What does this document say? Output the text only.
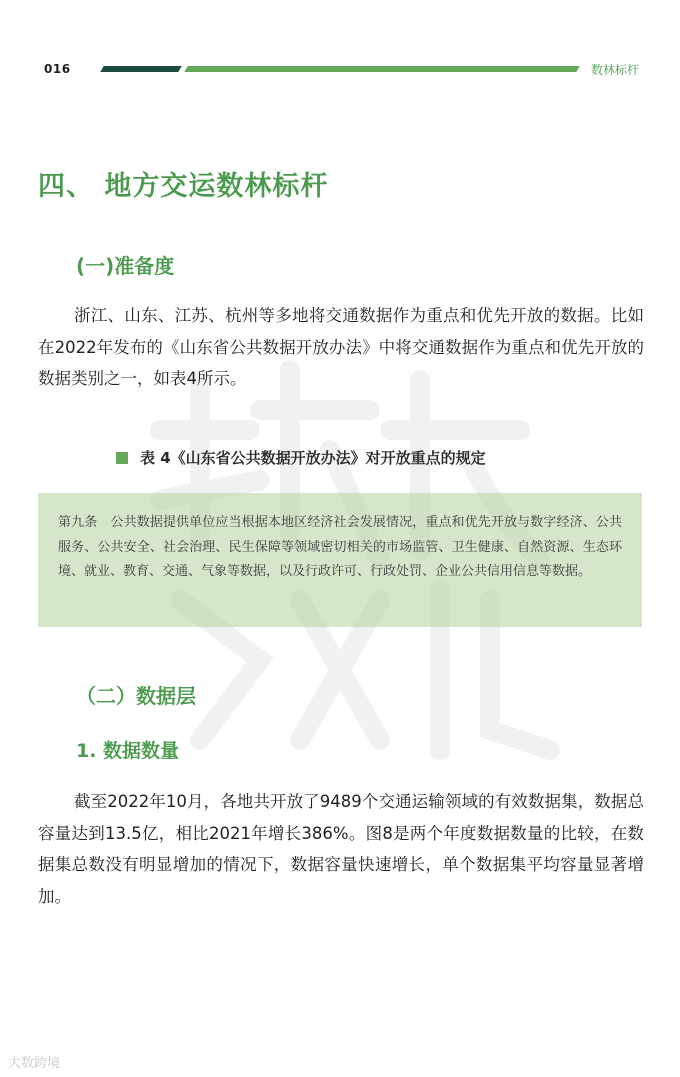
016	数林标杆
四、 地方交运数林标杆
(一)准备度

浙江、山东、江苏、杭州等多地将交通数据作为重点和优先开放的数据。比如在2022年发布的《山东省公共数据开放办法》中将交通数据作为重点和优先开放的数据类别之一，如表4所示。

表 4《山东省公共数据开放办法》对开放重点的规定

第九条　公共数据提供单位应当根据本地区经济社会发展情况，重点和优先开放与数字经济、公共服务、公共安全、社会治理、民生保障等领域密切相关的市场监管、卫生健康、自然资源、生态环境、就业、教育、交通、气象等数据，以及行政许可、行政处罚、企业公共信用信息等数据。

（二）数据层
1. 数据数量

截至2022年10月，各地共开放了9489个交通运输领域的有效数据集，数据总容量达到13.5亿，相比2021年增长386%。图8是两个年度数据数量的比较，在数据集总数没有明显增加的情况下，数据容量快速增长，单个数据集平均容量显著增加。

大数跨境
